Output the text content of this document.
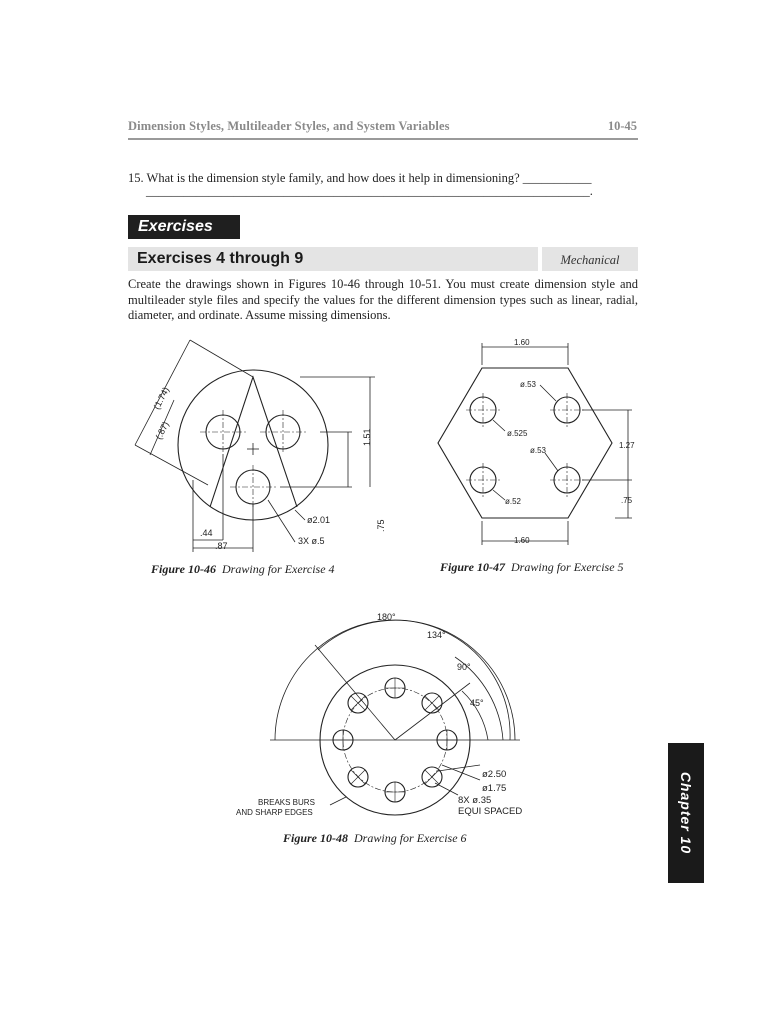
Dimension Styles, Multileader Styles, and System Variables	10-45
15. What is the dimension style family, and how does it help in dimensioning? ___________
_______________________________________________________________________.
Exercises
Exercises 4 through 9	Mechanical
Create the drawings shown in Figures 10-46 through 10-51. You must create dimension style and multileader style files and specify the values for the different dimension types such as linear, radial, diameter, and ordinate. Assume missing dimensions.
.75
1.51
(1.74)
(.87)
.44
.87
ø2.01
3X ø.5
Figure 10-46 Drawing for Exercise 4
1.60
1.60
ø.53
ø.525
ø.53
ø.52
1.27
.75
Figure 10-47 Drawing for Exercise 5
180°
134°
90°
45°
ø2.50
ø1.75
8X ø.35
EQUI SPACED
BREAKS BURS
AND SHARP EDGES
Figure 10-48 Drawing for Exercise 6	Chapter 10
